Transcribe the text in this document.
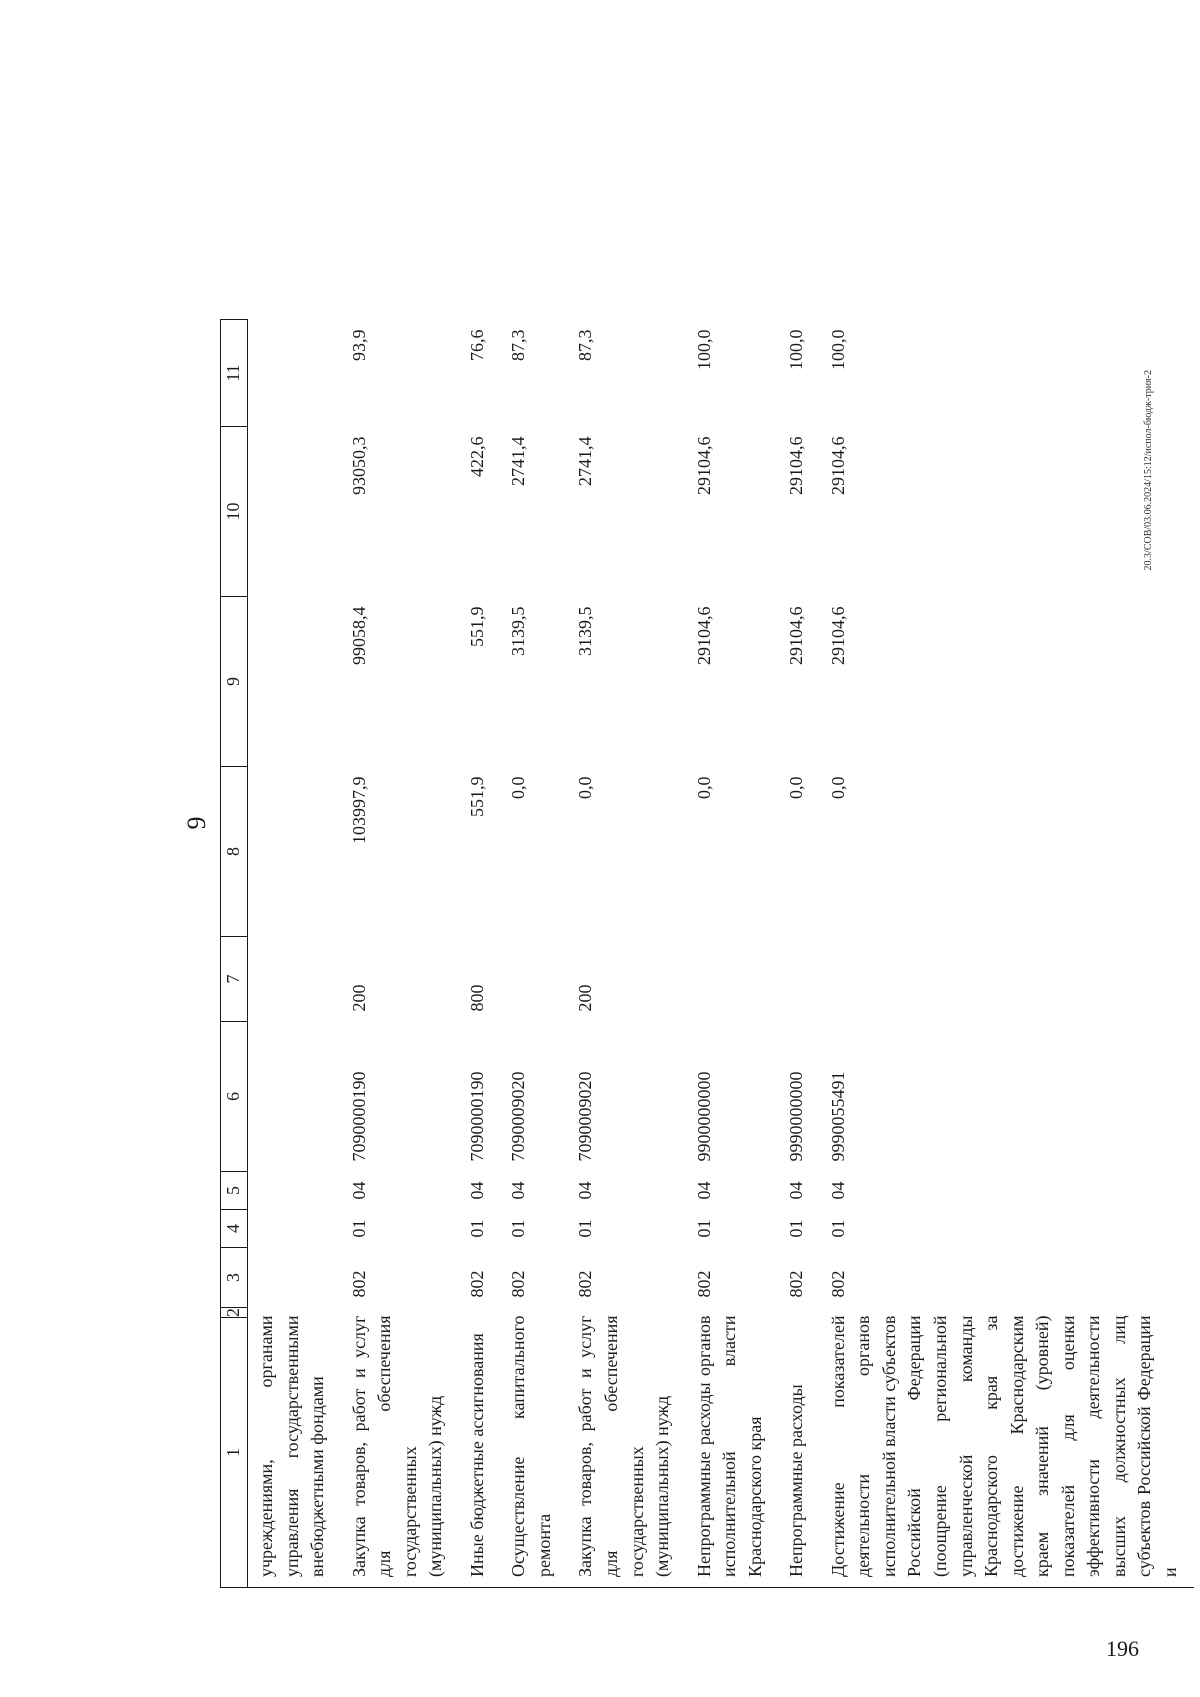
196
20.3/СОВ/03.06.2024/15:12/испол-бюдж-трия-2
9
1	2	3	4	5	6	7	8	9	10	11
учреждениями, органами управления государственными внебюджетными фондами										
Закупка товаров, работ и услуг для обеспечения государственных (муниципальных) нужд		802	01	04	7090000190	200	103997,9	99058,4	93050,3	93,9
Иные бюджетные ассигнования		802	01	04	7090000190	800	551,9	551,9	422,6	76,6
Осуществление капитального ремонта		802	01	04	7090009020		0,0	3139,5	2741,4	87,3
Закупка товаров, работ и услуг для обеспечения государственных (муниципальных) нужд		802	01	04	7090009020	200	0,0	3139,5	2741,4	87,3
Непрограммные расходы органов исполнительной власти Краснодарского края		802	01	04	9900000000		0,0	29104,6	29104,6	100,0
Непрограммные расходы		802	01	04	9990000000		0,0	29104,6	29104,6	100,0
Достижение показателей деятельности органов исполнительной власти субъектов Российской Федерации (поощрение региональной управленческой команды Краснодарского края за достижение Краснодарским краем значений (уровней) показателей для оценки эффективности деятельности высших должностных лиц субъектов Российской Федерации и		802	01	04	9990055491		0,0	29104,6	29104,6	100,0
